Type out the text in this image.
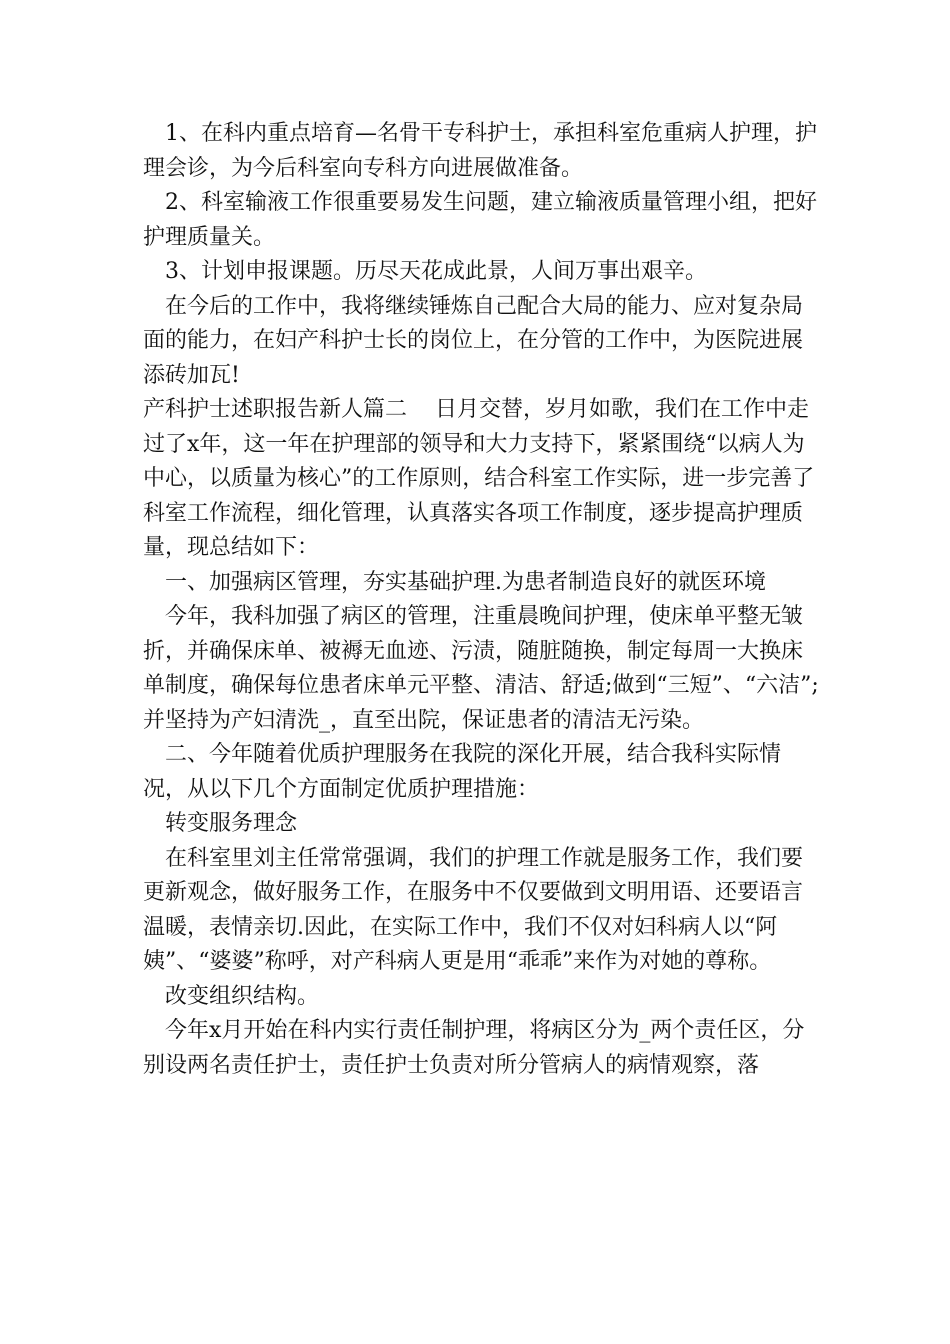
1、在科内重点培育—名骨干专科护士，承担科室危重病人护理，护理会诊，为今后科室向专科方向进展做准备。

2、科室输液工作很重要易发生问题，建立输液质量管理小组，把好护理质量关。

3、计划申报课题。历尽天花成此景，人间万事出艰辛。

在今后的工作中，我将继续锤炼自己配合大局的能力、应对复杂局面的能力，在妇产科护士长的岗位上，在分管的工作中，为医院进展添砖加瓦!

产科护士述职报告新人篇二    日月交替，岁月如歌，我们在工作中走过了x年，这一年在护理部的领导和大力支持下，紧紧围绕“以病人为中心，以质量为核心”的工作原则，结合科室工作实际，进一步完善了科室工作流程，细化管理，认真落实各项工作制度，逐步提高护理质量，现总结如下：

一、加强病区管理，夯实基础护理.为患者制造良好的就医环境

今年，我科加强了病区的管理，注重晨晚间护理，使床单平整无皱折，并确保床单、被褥无血迹、污渍，随脏随换，制定每周一大换床单制度，确保每位患者床单元平整、清洁、舒适;做到“三短”、“六洁”;并坚持为产妇清洗_，直至出院，保证患者的清洁无污染。

二、今年随着优质护理服务在我院的深化开展，结合我科实际情况，从以下几个方面制定优质护理措施：

转变服务理念

在科室里刘主任常常强调，我们的护理工作就是服务工作，我们要更新观念，做好服务工作，在服务中不仅要做到文明用语、还要语言温暖，表情亲切.因此，在实际工作中，我们不仅对妇科病人以“阿姨”、“婆婆”称呼，对产科病人更是用“乖乖”来作为对她的尊称。

改变组织结构。

今年x月开始在科内实行责任制护理，将病区分为_两个责任区，分别设两名责任护士，责任护士负责对所分管病人的病情观察，落
